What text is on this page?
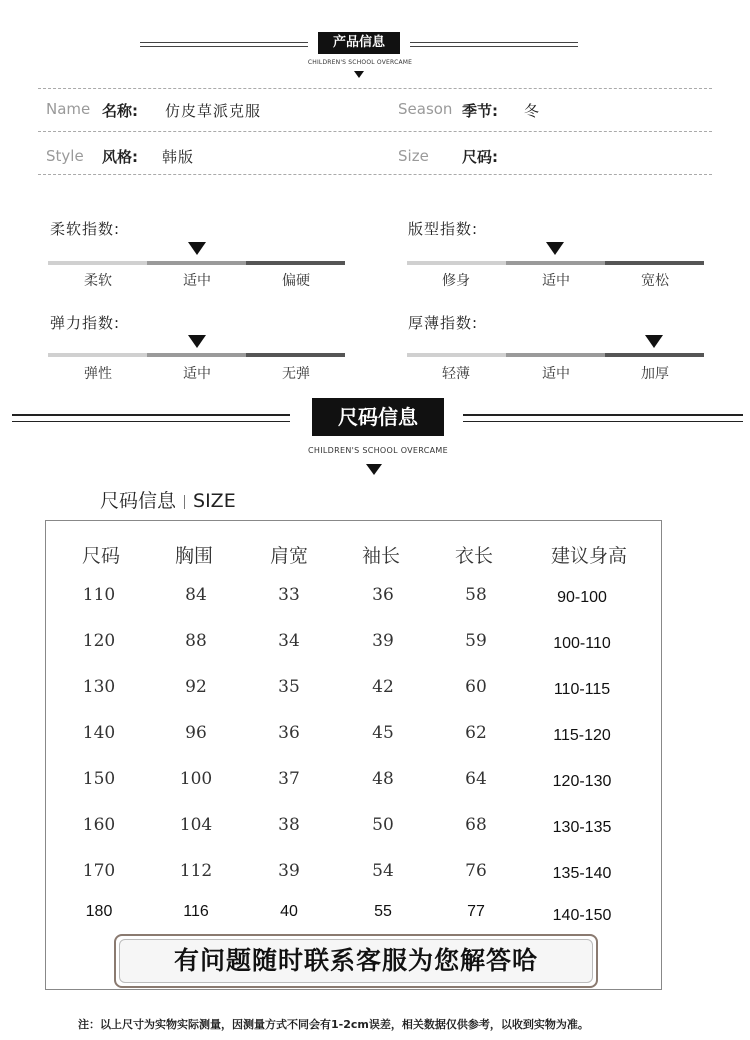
产品信息
CHILDREN'S SCHOOL OVERCAME
Name 名称: 仿皮草派克服	Season 季节: 冬
Style 风格: 韩版	Size 尺码:
柔软指数:
柔软	适中	偏硬
版型指数:
修身	适中	宽松
弹力指数:
弹性	适中	无弹
厚薄指数:
轻薄	适中	加厚
尺码信息
CHILDREN'S SCHOOL OVERCAME
尺码信息 SIZE
尺码	胸围	肩宽	袖长	衣长	建议身高
110	84	33	36	58	90-100
120	88	34	39	59	100-110
130	92	35	42	60	110-115
140	96	36	45	62	115-120
150	100	37	48	64	120-130
160	104	38	50	68	130-135
170	112	39	54	76	135-140
180	116	40	55	77	140-150
有问题随时联系客服为您解答哈
注：以上尺寸为实物实际测量，因测量方式不同会有1-2cm误差，相关数据仅供参考，以收到实物为准。
